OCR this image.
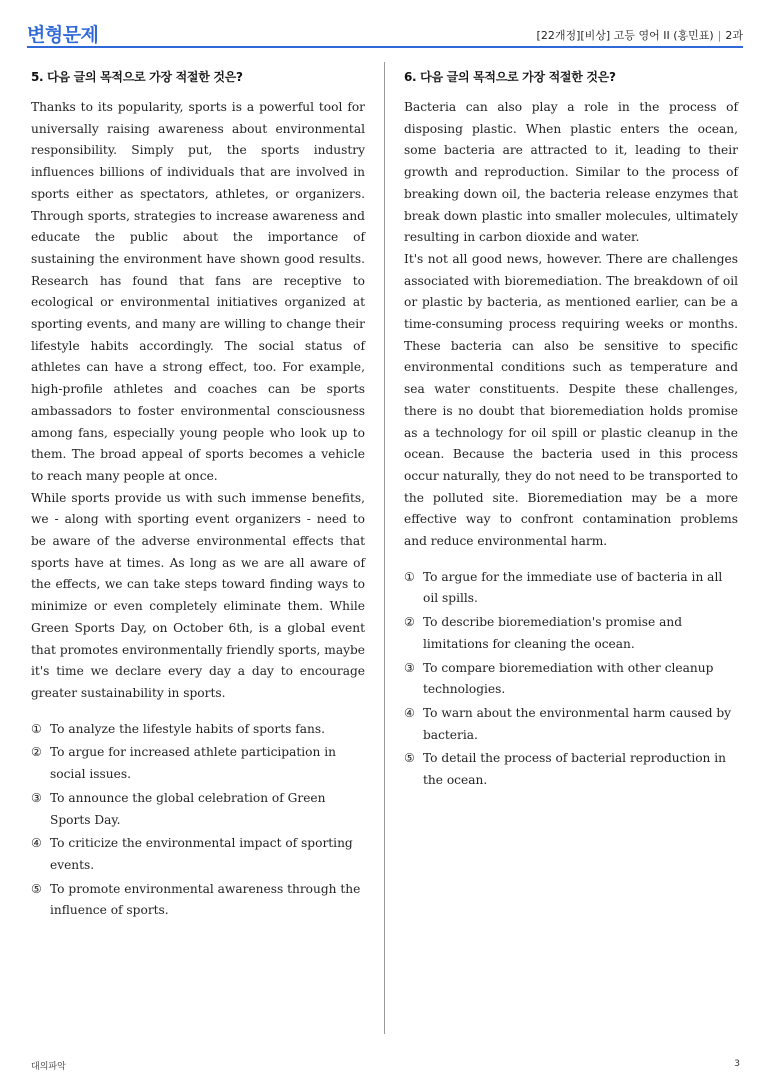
변형문제	[22개정][비상] 고등 영어 II (홍민표) | 2과
5. 다음 글의 목적으로 가장 적절한 것은?

Thanks to its popularity, sports is a powerful tool for universally raising awareness about environmental responsibility. Simply put, the sports industry influences billions of individuals that are involved in sports either as spectators, athletes, or organizers. Through sports, strategies to increase awareness and educate the public about the importance of sustaining the environment have shown good results. Research has found that fans are receptive to ecological or environmental initiatives organized at sporting events, and many are willing to change their lifestyle habits accordingly. The social status of athletes can have a strong effect, too. For example, high-profile athletes and coaches can be sports ambassadors to foster environmental consciousness among fans, especially young people who look up to them. The broad appeal of sports becomes a vehicle to reach many people at once.

While sports provide us with such immense benefits, we - along with sporting event organizers - need to be aware of the adverse environmental effects that sports have at times. As long as we are all aware of the effects, we can take steps toward finding ways to minimize or even completely eliminate them. While Green Sports Day, on October 6th, is a global event that promotes environmentally friendly sports, maybe it's time we declare every day a day to encourage greater sustainability in sports.

① To analyze the lifestyle habits of sports fans.
② To argue for increased athlete participation in social issues.
③ To announce the global celebration of Green Sports Day.
④ To criticize the environmental impact of sporting events.
⑤ To promote environmental awareness through the influence of sports.
6. 다음 글의 목적으로 가장 적절한 것은?

Bacteria can also play a role in the process of disposing plastic. When plastic enters the ocean, some bacteria are attracted to it, leading to their growth and reproduction. Similar to the process of breaking down oil, the bacteria release enzymes that break down plastic into smaller molecules, ultimately resulting in carbon dioxide and water.

It's not all good news, however. There are challenges associated with bioremediation. The breakdown of oil or plastic by bacteria, as mentioned earlier, can be a time-consuming process requiring weeks or months. These bacteria can also be sensitive to specific environmental conditions such as temperature and sea water constituents. Despite these challenges, there is no doubt that bioremediation holds promise as a technology for oil spill or plastic cleanup in the ocean. Because the bacteria used in this process occur naturally, they do not need to be transported to the polluted site. Bioremediation may be a more effective way to confront contamination problems and reduce environmental harm.

① To argue for the immediate use of bacteria in all oil spills.
② To describe bioremediation's promise and limitations for cleaning the ocean.
③ To compare bioremediation with other cleanup technologies.
④ To warn about the environmental harm caused by bacteria.
⑤ To detail the process of bacterial reproduction in the ocean.
대의파악	3
